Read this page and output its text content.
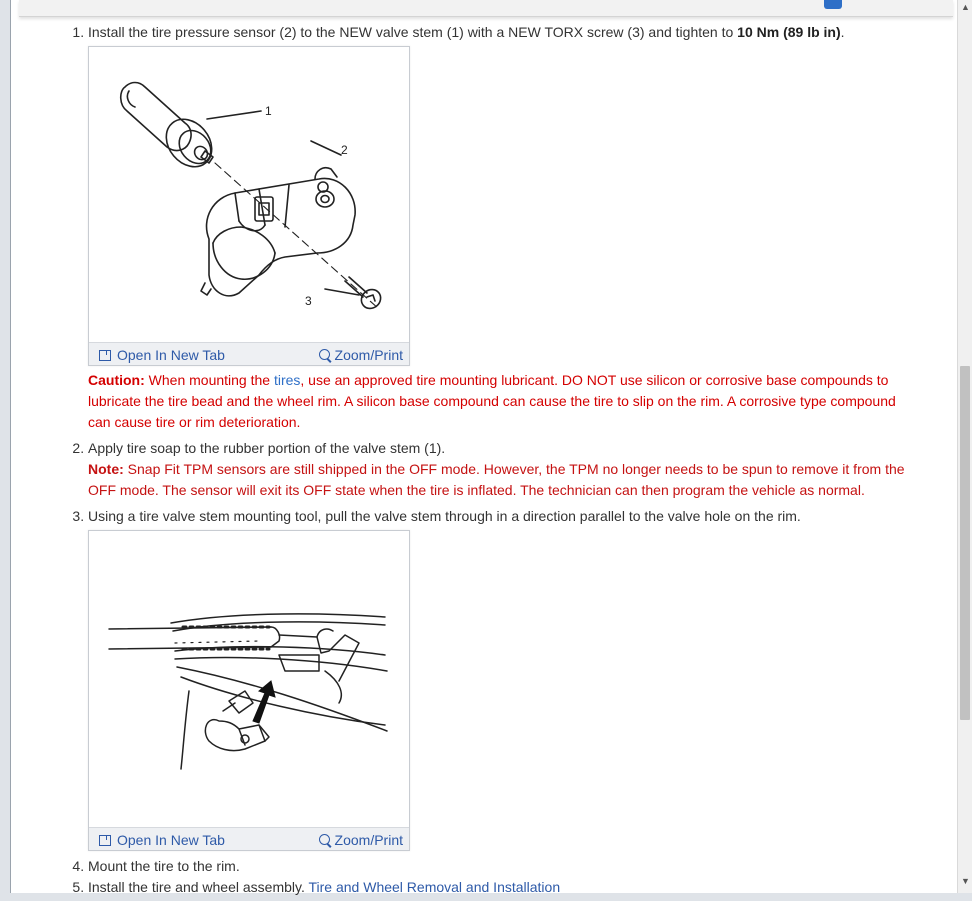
1. Install the tire pressure sensor (2) to the NEW valve stem (1) with a NEW TORX screw (3) and tighten to 10 Nm (89 lb in).
1
2
3
Open In New Tab	Zoom/Print
Caution: When mounting the tires, use an approved tire mounting lubricant. DO NOT use silicon or corrosive base compounds to lubricate the tire bead and the wheel rim. A silicon base compound can cause the tire to slip on the rim. A corrosive type compound can cause tire or rim deterioration.
2. Apply tire soap to the rubber portion of the valve stem (1).
Note: Snap Fit TPM sensors are still shipped in the OFF mode. However, the TPM no longer needs to be spun to remove it from the OFF mode. The sensor will exit its OFF state when the tire is inflated. The technician can then program the vehicle as normal.
3. Using a tire valve stem mounting tool, pull the valve stem through in a direction parallel to the valve hole on the rim.
Open In New Tab	Zoom/Print
4. Mount the tire to the rim.
5. Install the tire and wheel assembly. Tire and Wheel Removal and Installation
▲
▼
